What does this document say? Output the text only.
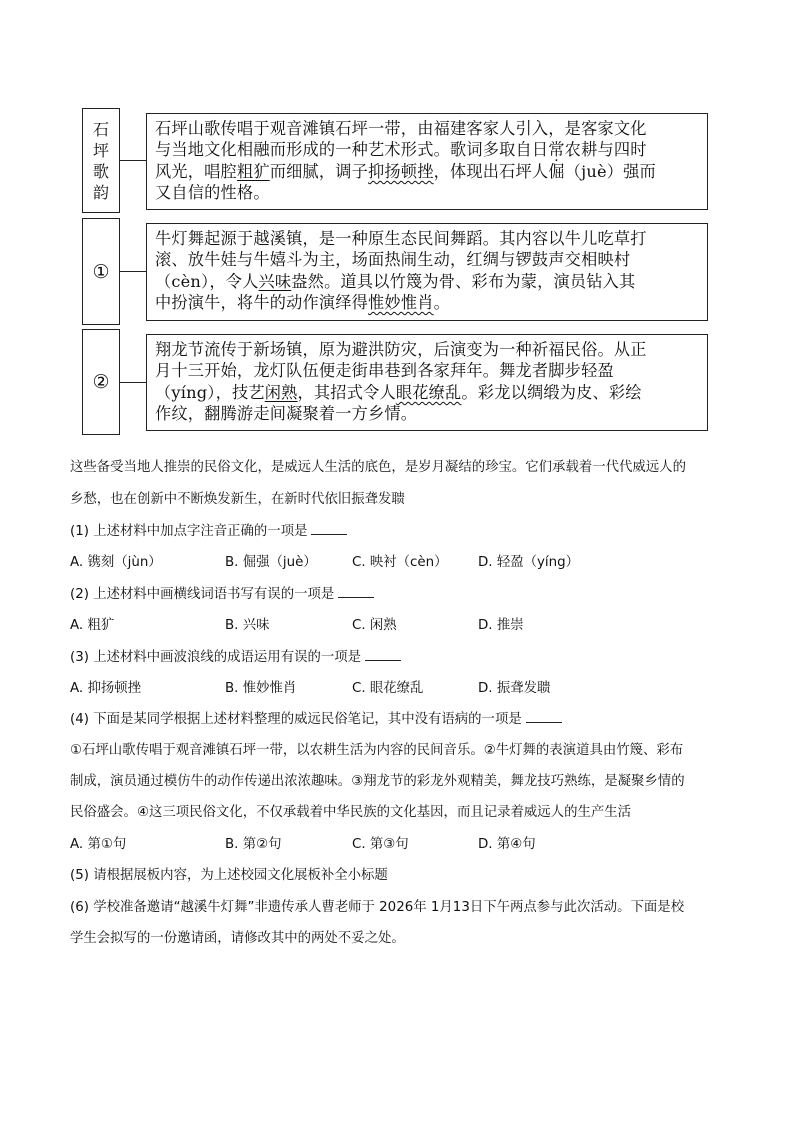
石
坪
歌
韵
石坪山歌传唱于观音滩镇石坪一带，由福建客家人引入，是客家文化
与当地文化相融而形成的一种艺术形式。歌词多取自日常农耕与四时
风光，唱腔粗犷而细腻，调子抑扬顿挫，体现出石坪人倔（juè）强而
又自信的性格。
①
牛灯舞起源于越溪镇，是一种原生态民间舞蹈。其内容以牛儿吃草打
滚、放牛娃与牛嬉斗为主，场面热闹生动，红绸与锣鼓声交相映村
（cèn），令人兴味盎然。道具以竹篾为骨、彩布为蒙，演员钻入其
中扮演牛，将牛的动作演绎得惟妙惟肖。
②
翔龙节流传于新场镇，原为避洪防灾，后演变为一种祈福民俗。从正
月十三开始，龙灯队伍便走街串巷到各家拜年。舞龙者脚步轻盈
（yíng），技艺闲熟，其招式令人眼花缭乱。彩龙以绸缎为皮、彩绘
作纹，翻腾游走间凝聚着一方乡情。
这些备受当地人推崇的民俗文化，是威远人生活的底色，是岁月凝结的珍宝。它们承载着一代代威远人的
乡愁，也在创新中不断焕发新生，在新时代依旧振聋发聩
(1) 上述材料中加点字注音正确的一项是
A. 镌刻（jùn）	B. 倔强（juè）	C. 映衬（cèn） D. 轻盈（yíng）
(2) 上述材料中画横线词语书写有误的一项是
A. 粗犷	B. 兴味	C. 闲熟	D. 推崇
(3) 上述材料中画波浪线的成语运用有误的一项是
A. 抑扬顿挫	B. 惟妙惟肖	C. 眼花缭乱	D. 振聋发聩
(4) 下面是某同学根据上述材料整理的威远民俗笔记，其中没有语病的一项是
①石坪山歌传唱于观音滩镇石坪一带，以农耕生活为内容的民间音乐。②牛灯舞的表演道具由竹篾、彩布
制成，演员通过模仿牛的动作传递出浓浓趣味。③翔龙节的彩龙外观精美，舞龙技巧熟练，是凝聚乡情的
民俗盛会。④这三项民俗文化，不仅承载着中华民族的文化基因，而且记录着威远人的生产生活
A. 第①句	B. 第②句	C. 第③句	D. 第④句
(5) 请根据展板内容，为上述校园文化展板补全小标题
(6) 学校准备邀请“越溪牛灯舞”非遗传承人曹老师于 2026年 1月13日下午两点参与此次活动。下面是校
学生会拟写的一份邀请函，请修改其中的两处不妥之处。
